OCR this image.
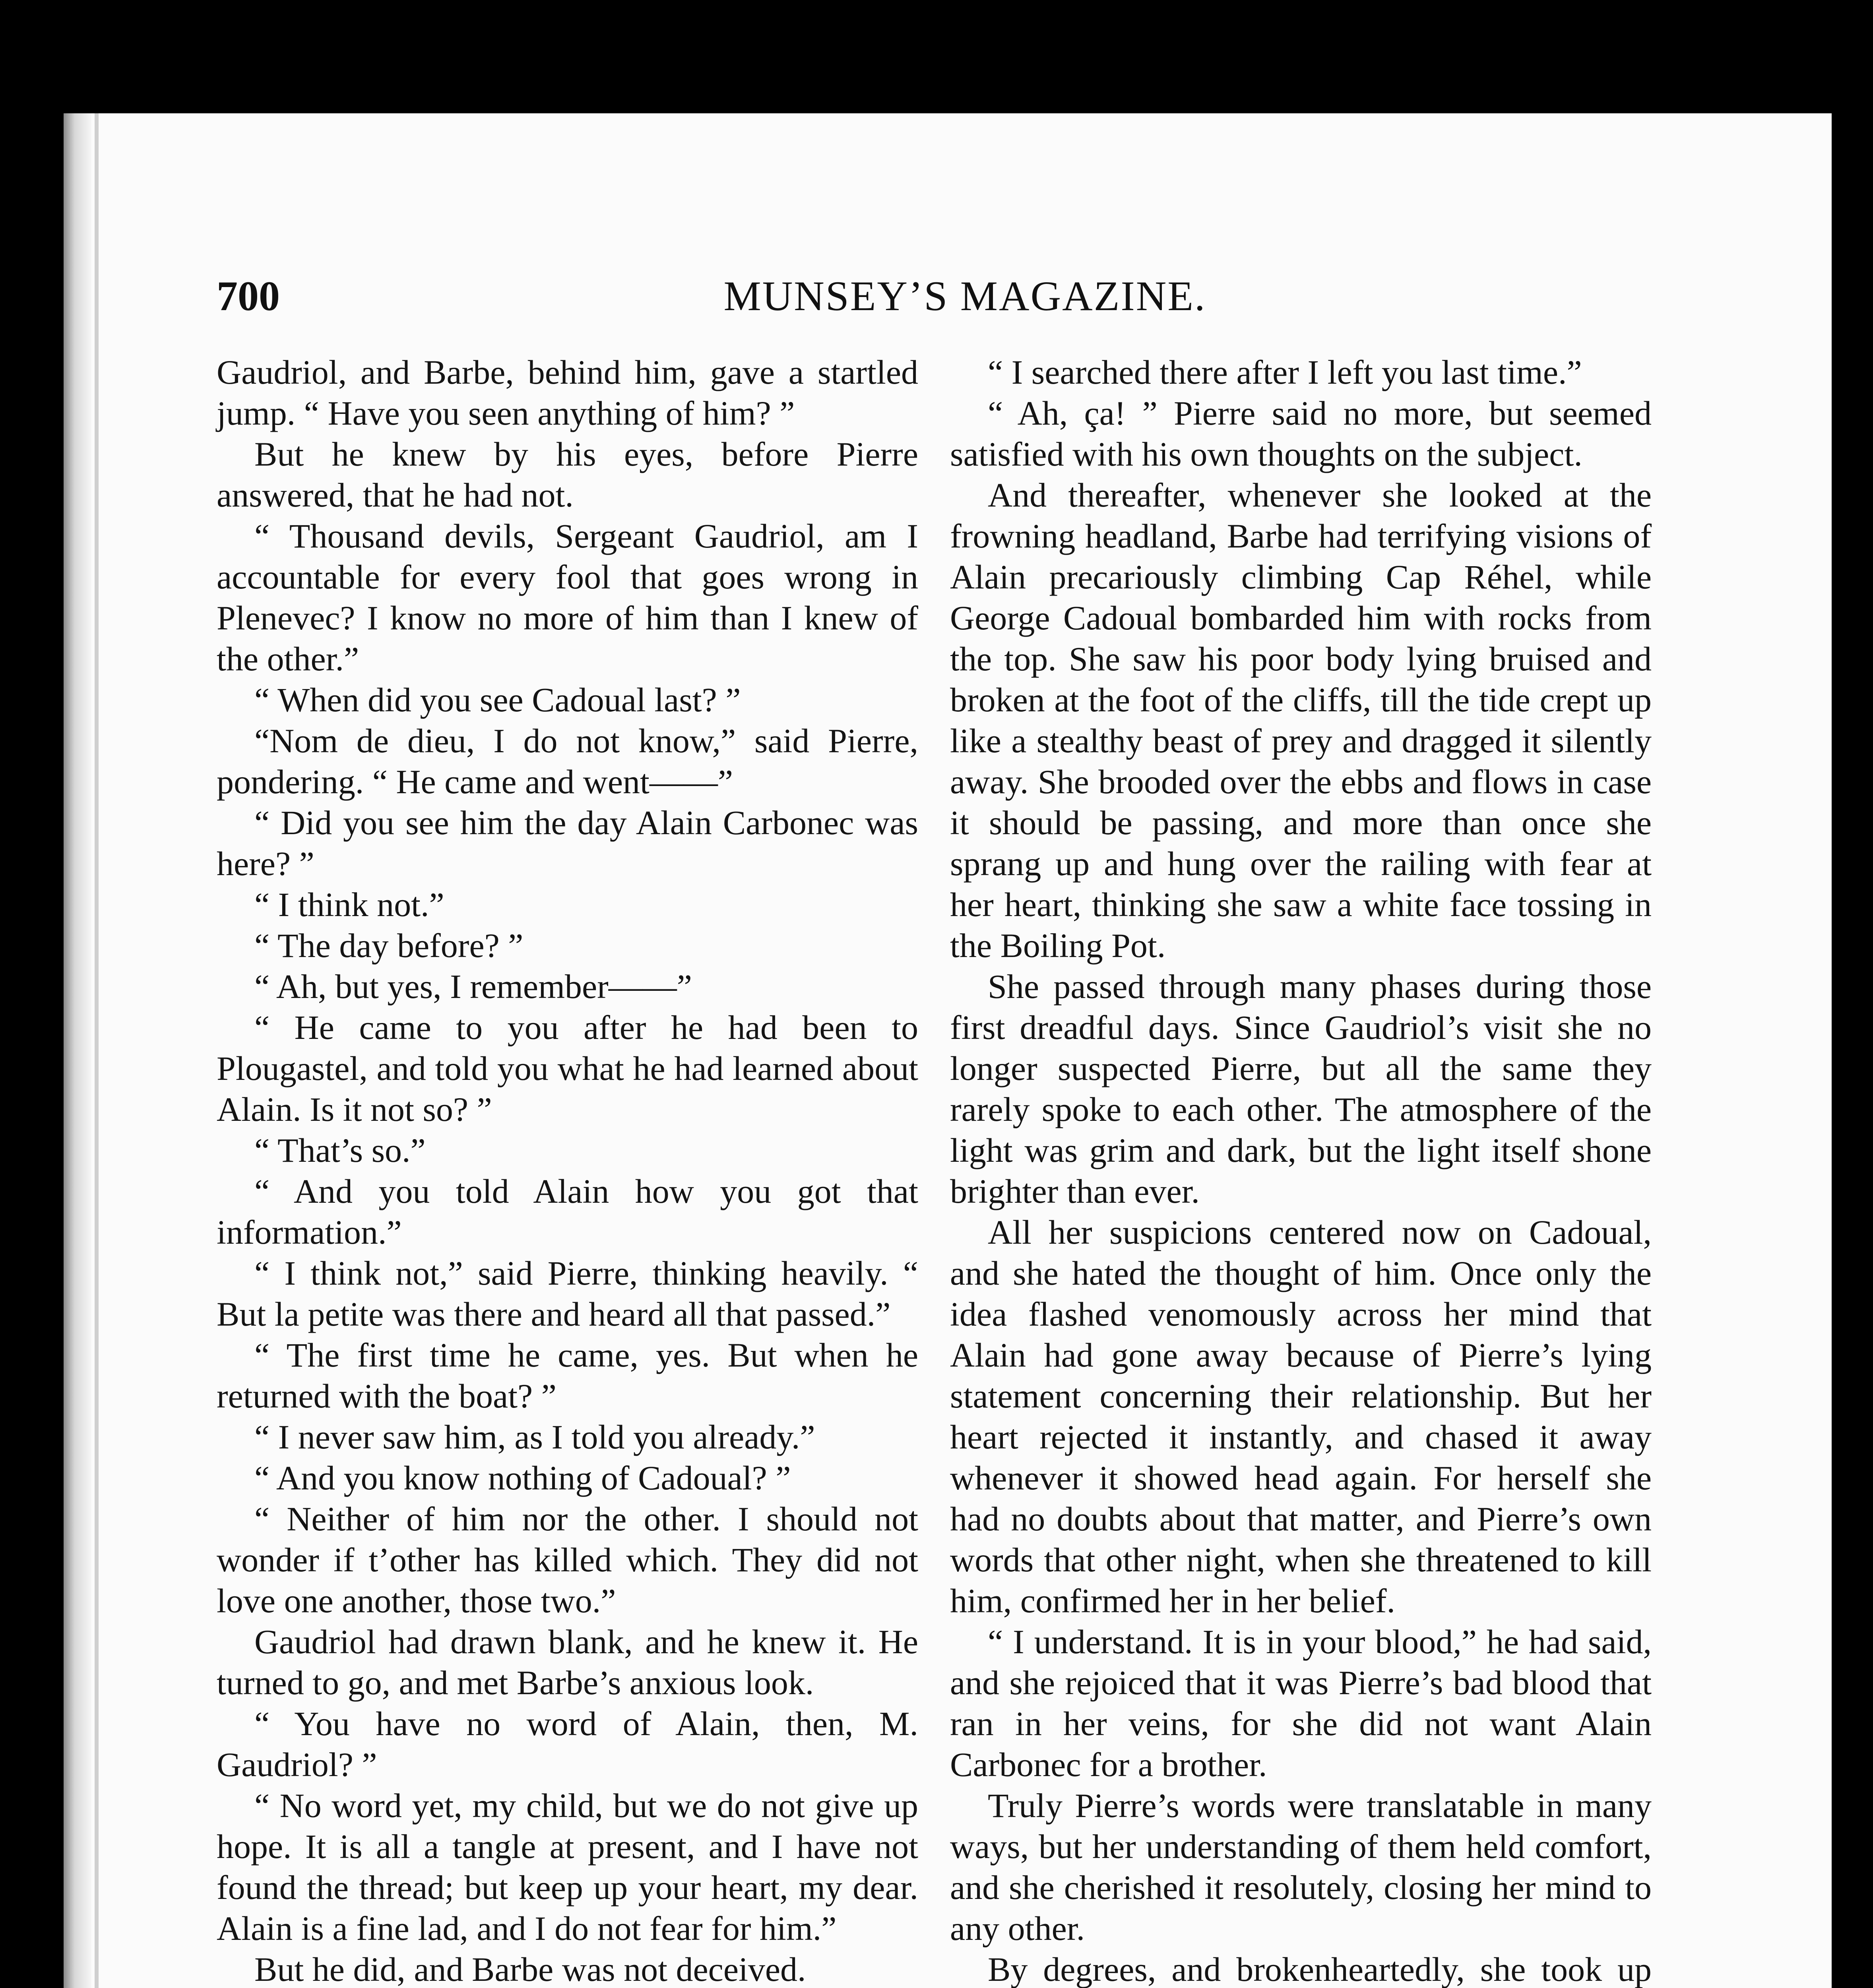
700	MUNSEY’S MAGAZINE.

Gaudriol, and Barbe, behind him, gave a startled jump. “ Have you seen anything of him? ”

But he knew by his eyes, before Pierre answered, that he had not.

“ Thousand devils, Sergeant Gaudriol, am I accountable for every fool that goes wrong in Plenevec? I know no more of him than I knew of the other.”

“ When did you see Cadoual last? ”

“Nom de dieu, I do not know,” said Pierre, pondering. “ He came and went——”

“ Did you see him the day Alain Carbonec was here? ”

“ I think not.”

“ The day before? ”

“ Ah, but yes, I remember——”

“ He came to you after he had been to Plougastel, and told you what he had learned about Alain. Is it not so? ”

“ That’s so.”

“ And you told Alain how you got that information.”

“ I think not,” said Pierre, thinking heavily. “ But la petite was there and heard all that passed.”

“ The first time he came, yes. But when he returned with the boat? ”

“ I never saw him, as I told you already.”

“ And you know nothing of Cadoual? ”

“ Neither of him nor the other. I should not wonder if t’other has killed which. They did not love one another, those two.”

Gaudriol had drawn blank, and he knew it. He turned to go, and met Barbe’s anxious look.

“ You have no word of Alain, then, M. Gaudriol? ”

“ No word yet, my child, but we do not give up hope. It is all a tangle at present, and I have not found the thread; but keep up your heart, my dear. Alain is a fine lad, and I do not fear for him.”

But he did, and Barbe was not deceived.

“ I searched there after I left you last time.”

“ Ah, ça! ” Pierre said no more, but seemed satisfied with his own thoughts on the subject.

And thereafter, whenever she looked at the frowning headland, Barbe had terrifying visions of Alain precariously climbing Cap Réhel, while George Cadoual bombarded him with rocks from the top. She saw his poor body lying bruised and broken at the foot of the cliffs, till the tide crept up like a stealthy beast of prey and dragged it silently away. She brooded over the ebbs and flows in case it should be passing, and more than once she sprang up and hung over the railing with fear at her heart, thinking she saw a white face tossing in the Boiling Pot.

She passed through many phases during those first dreadful days. Since Gaudriol’s visit she no longer suspected Pierre, but all the same they rarely spoke to each other. The atmosphere of the light was grim and dark, but the light itself shone brighter than ever.

All her suspicions centered now on Cadoual, and she hated the thought of him. Once only the idea flashed venomously across her mind that Alain had gone away because of Pierre’s lying statement concerning their relationship. But her heart rejected it instantly, and chased it away whenever it showed head again. For herself she had no doubts about that matter, and Pierre’s own words that other night, when she threatened to kill him, confirmed her in her belief.

“ I understand. It is in your blood,” he had said, and she rejoiced that it was Pierre’s bad blood that ran in her veins, for she did not want Alain Carbonec for a brother.

Truly Pierre’s words were translatable in many ways, but her understanding of them held comfort, and she cherished it resolutely, closing her mind to any other.

By degrees, and brokenheartedly, she took up
